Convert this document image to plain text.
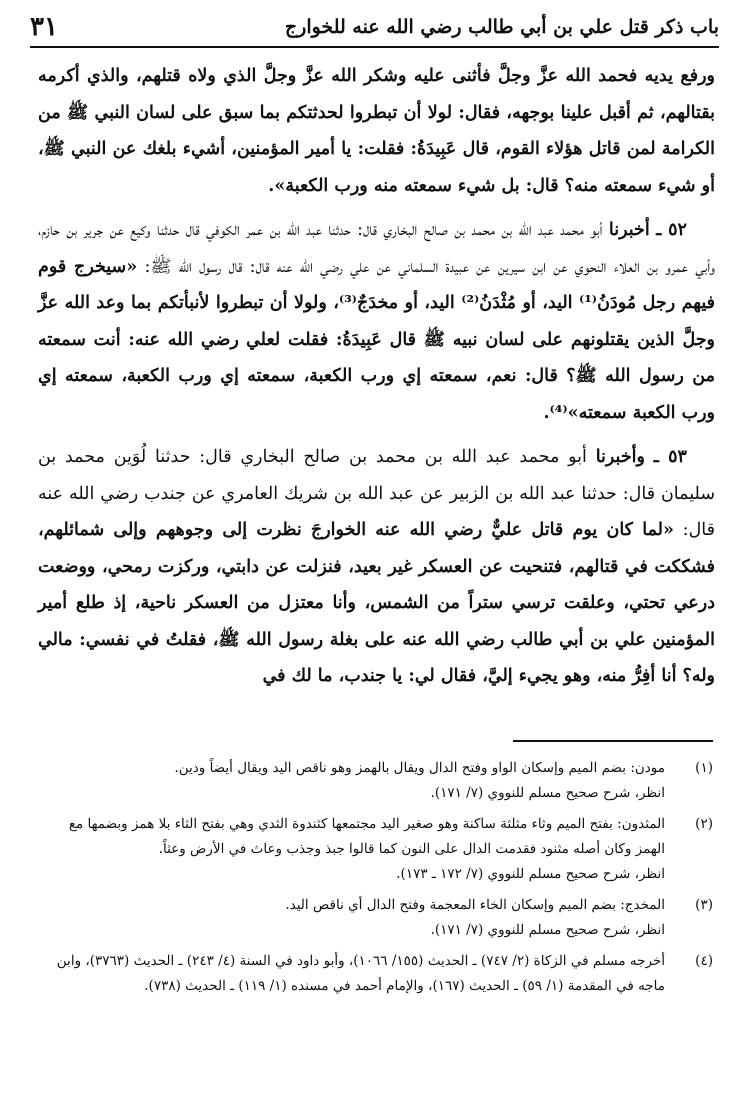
باب ذكر قتل علي بن أبي طالب رضي الله عنه للخوارج
٣١

ورفع يديه فحمد الله عزَّ وجلَّ فأثنى عليه وشكر الله عزَّ وجلَّ الذي ولاه قتلهم، والذي أكرمه بقتالهم، ثم أقبل علينا بوجهه، فقال: لولا أن تبطروا لحدثتكم بما سبق على لسان النبي ﷺ من الكرامة لمن قاتل هؤلاء القوم، قال عَبِيدَةُ: فقلت: يا أمير المؤمنين، أشيء بلغك عن النبي ﷺ، أو شيء سمعته منه؟ قال: بل شيء سمعته منه ورب الكعبة».

٥٢ ـ أخبرنا أبو محمد عبد الله بن محمد بن صالح البخاري قال: حدثنا عبد الله بن عمر الكوفي قال حدثنا وكيع عن جرير بن حازم، وأبي عمرو بن العلاء النحوي عن ابن سيرين عن عبيدة السلماني عن علي رضي الله عنه قال: قال رسول الله ﷺ: «سيخرج قوم فيهم رجل مُودَنُ⁽¹⁾ اليد، أو مُثْدَنُ⁽²⁾ اليد، أو مخدَجٌ⁽³⁾، ولولا أن تبطروا لأنبأتكم بما وعد الله عزَّ وجلَّ الذين يقتلونهم على لسان نبيه ﷺ قال عَبِيدَةُ: فقلت لعلي رضي الله عنه: أنت سمعته من رسول الله ﷺ؟ قال: نعم، سمعته إي ورب الكعبة، سمعته إي ورب الكعبة، سمعته إي ورب الكعبة سمعته»⁽⁴⁾.

٥٣ ـ وأخبرنا أبو محمد عبد الله بن محمد بن صالح البخاري قال: حدثنا لُوَين محمد بن سليمان قال: حدثنا عبد الله بن الزبير عن عبد الله بن شريك العامري عن جندب رضي الله عنه قال: «لما كان يوم قاتل عليٌّ رضي الله عنه الخوارجَ نظرت إلى وجوههم وإلى شمائلهم، فشككت في قتالهم، فتنحيت عن العسكر غير بعيد، فنزلت عن دابتي، وركزت رمحي، ووضعت درعي تحتي، وعلقت ترسي ستراً من الشمس، وأنا معتزل من العسكر ناحية، إذ طلع أمير المؤمنين علي بن أبي طالب رضي الله عنه على بغلة رسول الله ﷺ، فقلتُ في نفسي: مالي وله؟ أنا أفِرُّ منه، وهو يجيء إليَّ، فقال لي: يا جندب، ما لك في

(١)

مودن: بضم الميم وإسكان الواو وفتح الدال ويقال بالهمز وهو ناقص اليد ويقال أيضاً ودين.

انظر، شرح صحيح مسلم للنووي (٧/ ١٧١).

(٢)

المثدون: بفتح الميم وثاء مثلثة ساكنة وهو صغير اليد مجتمعها كثندوة الثدي وهي بفتح الثاء بلا همز وبضمها مع الهمز وكان أصله مثنود فقدمت الدال على النون كما قالوا جبذ وجذب وعاث في الأرض وعثاً.

انظر، شرح صحيح مسلم للنووي (٧/ ١٧٢ ـ ١٧٣).

(٣)

المخدج: بضم الميم وإسكان الخاء المعجمة وفتح الدال أي ناقص اليد.

انظر، شرح صحيح مسلم للنووي (٧/ ١٧١).

(٤)

أخرجه مسلم في الزكاة (٢/ ٧٤٧) ـ الحديث (١٥٥/ ١٠٦٦)، وأبو داود في السنة (٤/ ٢٤٣) ـ الحديث (٣٧٦٣)، وابن ماجه في المقدمة (١/ ٥٩) ـ الحديث (١٦٧)، والإمام أحمد في مسنده (١/ ١١٩) ـ الحديث (٧٣٨).
